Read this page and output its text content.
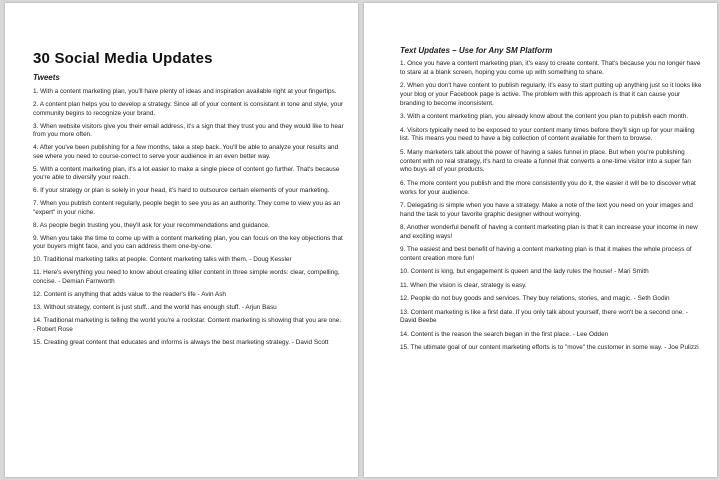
30 Social Media Updates
Tweets
1. With a content marketing plan, you'll have plenty of ideas and inspiration available right at your fingertips.
2. A content plan helps you to develop a strategy. Since all of your content is consistant in tone and style, your community begins to recognize your brand.
3. When website visitors give you their email address, it's a sign that they trust you and they would like to hear from you more often.
4. After you've been publishing for a few months, take a step back. You'll be able to analyze your results and see where you need to course-correct to serve your audience in an even better way.
5. With a content marketing plan, it's a lot easier to make a single piece of content go further. That's because you're able to diversify your reach.
6. If your strategy or plan is solely in your head, it's hard to outsource certain elements of your marketing.
7. When you publish content regularly, people begin to see you as an authority. They come to view you as an "expert" in your niche.
8. As people begin trusting you, they'll ask for your recommendations and guidance.
9. When you take the time to come up with a content marketing plan, you can focus on the key objections that your buyers might face, and you can address them one-by-one.
10. Traditional marketing talks at people. Content marketing talks with them. - Doug Kessler
11. Here's everything you need to know about creating killer content in three simple words: clear, compelling, concise. - Demian Farnworth
12. Content is anything that adds value to the reader's life - Avin Ash
13. Without strategy, content is just stuff...and the world has enough stuff. - Arjun Basu
14. Traditional marketing is telling the world you're a rockstar. Content marketing is showing that you are one. - Robert Rose
15. Creating great content that educates and informs is always the best marketing strategy. - David Scott
Text Updates – Use for Any SM Platform
1. Once you have a content marketing plan, it's easy to create content. That's because you no longer have to stare at a blank screen, hoping you come up with something to share.
2. When you don't have content to publish regularly, it's easy to start putting up anything just so it looks like your blog or your Facebook page is active. The problem with this approach is that it can cause your branding to become inconsistent.
3. With a content marketing plan, you already know about the content you plan to publish each month.
4. Visitors typically need to be exposed to your content many times before they'll sign up for your mailing list. This means you need to have a big collection of content available for them to browse.
5. Many marketers talk about the power of having a sales funnel in place. But when you're publishing content with no real strategy, it's hard to create a funnel that converts a one-time visitor into a super fan who buys all of your products.
6. The more content you publish and the more consistently you do it, the easier it will be to discover what works for your audience.
7. Delegating is simple when you have a strategy. Make a note of the text you need on your images and hand the task to your favorite graphic designer without worrying.
8. Another wonderful benefit of having a content marketing plan is that it can increase your income in new and exciting ways!
9. The easiest and best benefit of having a content marketing plan is that it makes the whole process of content creation more fun!
10. Content is king, but engagement is queen and the lady rules the house! - Mari Smith
11. When the vision is clear, strategy is easy.
12. People do not buy goods and services. They buy relations, stories, and magic. - Seth Godin
13. Content marketing is like a first date. If you only talk about yourself, there won't be a second one. - David Beebe
14. Content is the reason the search began in the first place. - Lee Odden
15. The ultimate goal of our content marketing efforts is to "move" the customer in some way. - Joe Pulizzi
